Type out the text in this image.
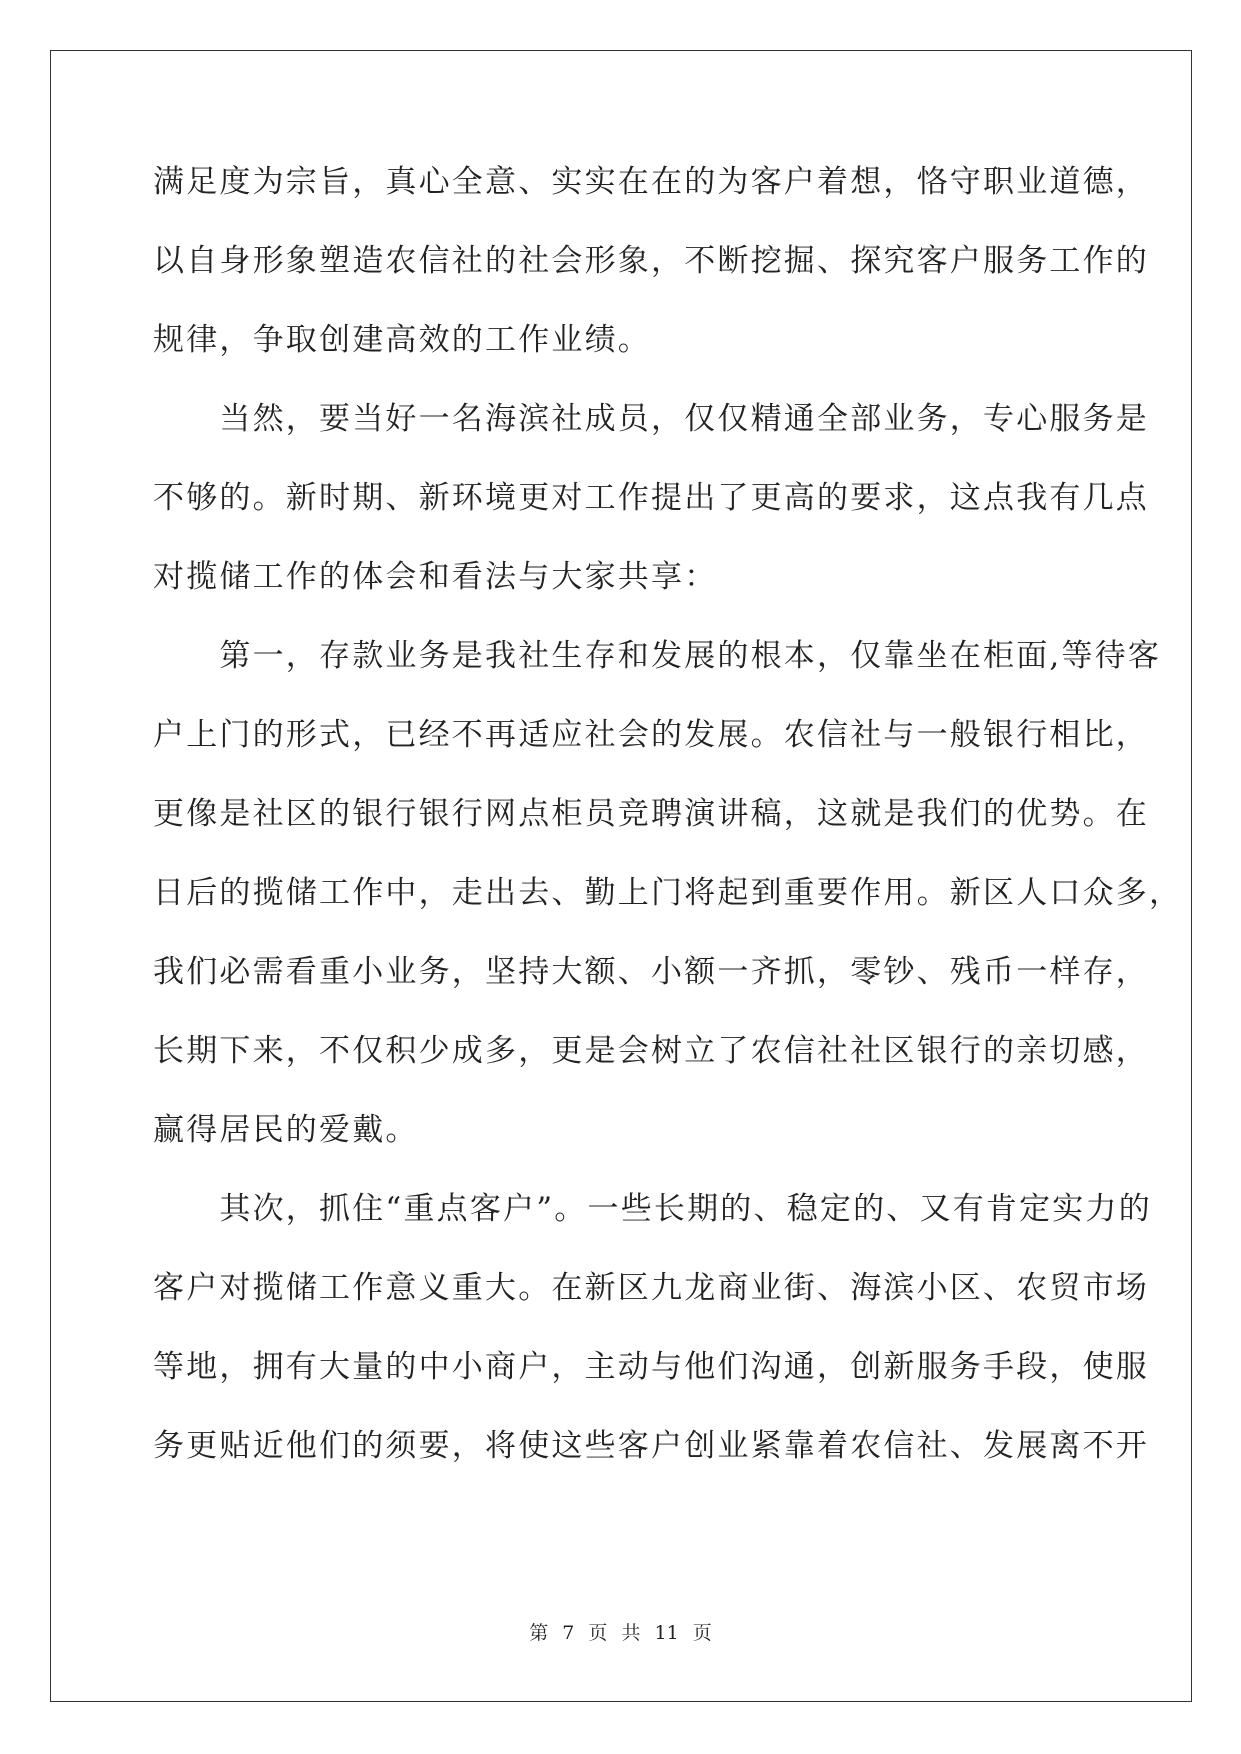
满足度为宗旨，真心全意、实实在在的为客户着想，恪守职业道德，
以自身形象塑造农信社的社会形象，不断挖掘、探究客户服务工作的
规律，争取创建高效的工作业绩。
　　当然，要当好一名海滨社成员，仅仅精通全部业务，专心服务是
不够的。新时期、新环境更对工作提出了更高的要求，这点我有几点
对揽储工作的体会和看法与大家共享：
　　第一，存款业务是我社生存和发展的根本，仅靠坐在柜面,等待客
户上门的形式，已经不再适应社会的发展。农信社与一般银行相比，
更像是社区的银行银行网点柜员竞聘演讲稿，这就是我们的优势。在
日后的揽储工作中，走出去、勤上门将起到重要作用。新区人口众多，
我们必需看重小业务，坚持大额、小额一齐抓，零钞、残币一样存，
长期下来，不仅积少成多，更是会树立了农信社社区银行的亲切感，
赢得居民的爱戴。
　　其次，抓住“重点客户”。一些长期的、稳定的、又有肯定实力的
客户对揽储工作意义重大。在新区九龙商业街、海滨小区、农贸市场
等地，拥有大量的中小商户，主动与他们沟通，创新服务手段，使服
务更贴近他们的须要，将使这些客户创业紧靠着农信社、发展离不开
第 7 页 共 11 页
